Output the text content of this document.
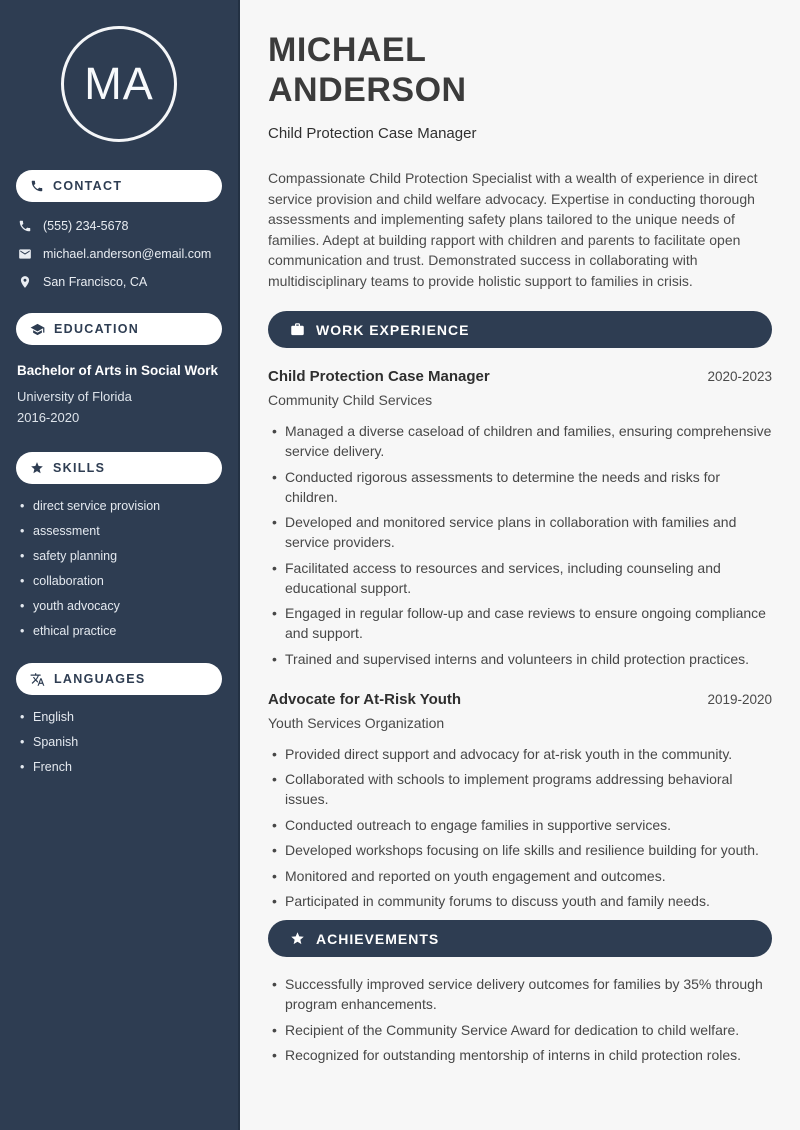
MA
CONTACT
(555) 234-5678
michael.anderson@email.com
San Francisco, CA
EDUCATION
Bachelor of Arts in Social Work
University of Florida
2016-2020
SKILLS
• direct service provision
• assessment
• safety planning
• collaboration
• youth advocacy
• ethical practice
LANGUAGES
• English
• Spanish
• French
MICHAEL
ANDERSON
Child Protection Case Manager

Compassionate Child Protection Specialist with a wealth of experience in direct service provision and child welfare advocacy. Expertise in conducting thorough assessments and implementing safety plans tailored to the unique needs of families. Adept at building rapport with children and parents to facilitate open communication and trust. Demonstrated success in collaborating with multidisciplinary teams to provide holistic support to families in crisis.

WORK EXPERIENCE
Child Protection Case Manager	2020-2023
Community Child Services
• Managed a diverse caseload of children and families, ensuring comprehensive service delivery.
• Conducted rigorous assessments to determine the needs and risks for children.
• Developed and monitored service plans in collaboration with families and service providers.
• Facilitated access to resources and services, including counseling and educational support.
• Engaged in regular follow-up and case reviews to ensure ongoing compliance and support.
• Trained and supervised interns and volunteers in child protection practices.
Advocate for At-Risk Youth	2019-2020
Youth Services Organization
• Provided direct support and advocacy for at-risk youth in the community.
• Collaborated with schools to implement programs addressing behavioral issues.
• Conducted outreach to engage families in supportive services.
• Developed workshops focusing on life skills and resilience building for youth.
• Monitored and reported on youth engagement and outcomes.
• Participated in community forums to discuss youth and family needs.
ACHIEVEMENTS
• Successfully improved service delivery outcomes for families by 35% through program enhancements.
• Recipient of the Community Service Award for dedication to child welfare.
• Recognized for outstanding mentorship of interns in child protection roles.
